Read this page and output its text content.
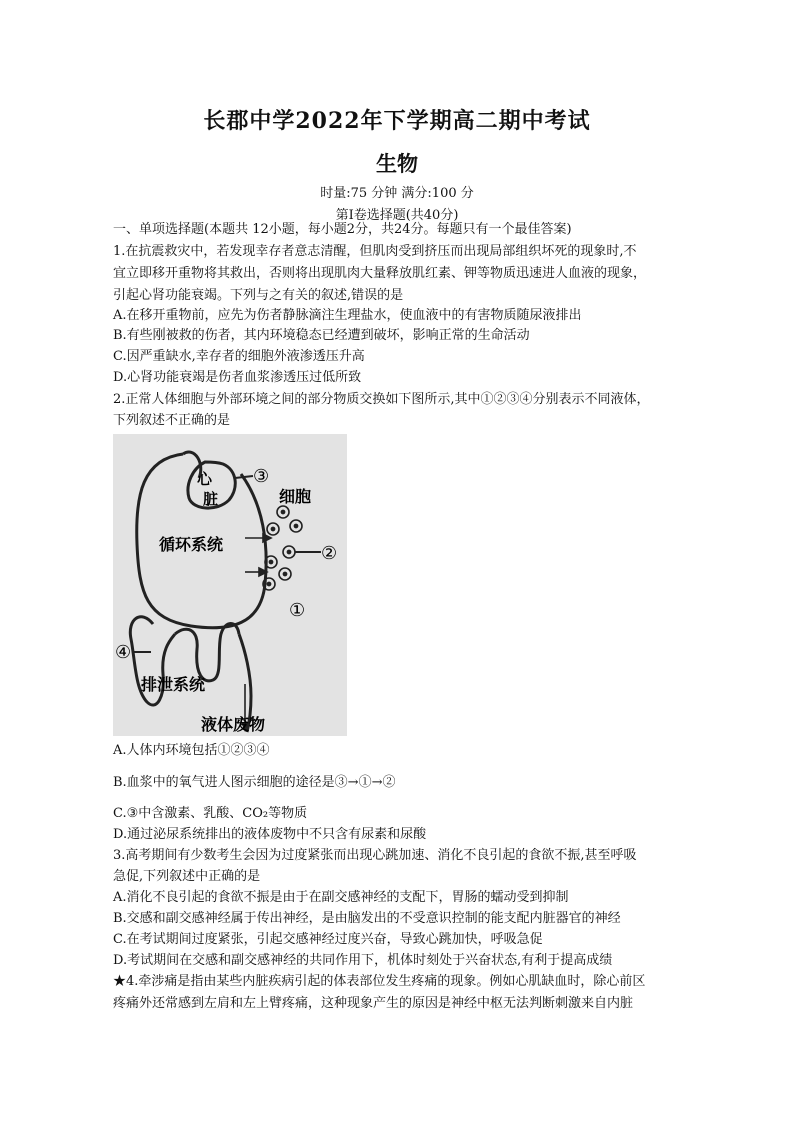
长郡中学2022年下学期高二期中考试
生物
时量:75 分钟 满分:100 分
第Ⅰ卷选择题(共40分)
一、单项选择题(本题共 12小题，每小题2分，共24分。每题只有一个最佳答案)
1.在抗震救灾中，若发现幸存者意志清醒，但肌肉受到挤压而出现局部组织坏死的现象时,不
宜立即移开重物将其救出，否则将出现肌肉大量释放肌红素、钾等物质迅速进人血液的现象，
引起心肾功能衰竭。下列与之有关的叙述,错误的是
A.在移开重物前，应先为伤者静脉滴注生理盐水，使血液中的有害物质随尿液排出
B.有些刚被救的伤者，其内环境稳态已经遭到破坏，影响正常的生命活动
C.因严重缺水,幸存者的细胞外液渗透压升高
D.心肾功能衰竭是伤者血浆渗透压过低所致
2.正常人体细胞与外部环境之间的部分物质交换如下图所示,其中①②③④分别表示不同液体，
下列叙述不正确的是
心
脏
循环系统
细胞
排泄系统
液体废物
③
②
①
④
A.人体内环境包括①②③④
B.血浆中的氧气进人图示细胞的途径是③→①→②
C.③中含激素、乳酸、CO₂等物质
D.通过泌尿系统排出的液体废物中不只含有尿素和尿酸
3.高考期间有少数考生会因为过度紧张而出现心跳加速、消化不良引起的食欲不振,甚至呼吸
急促,下列叙述中正确的是
A.消化不良引起的食欲不振是由于在副交感神经的支配下，胃肠的蠕动受到抑制
B.交感和副交感神经属于传出神经，是由脑发出的不受意识控制的能支配内脏器官的神经
C.在考试期间过度紧张，引起交感神经过度兴奋，导致心跳加快，呼吸急促
D.考试期间在交感和副交感神经的共同作用下，机体时刻处于兴奋状态,有利于提高成绩
★4.牵涉痛是指由某些内脏疾病引起的体表部位发生疼痛的现象。例如心肌缺血时，除心前区
疼痛外还常感到左肩和左上臂疼痛，这种现象产生的原因是神经中枢无法判断刺激来自内脏
